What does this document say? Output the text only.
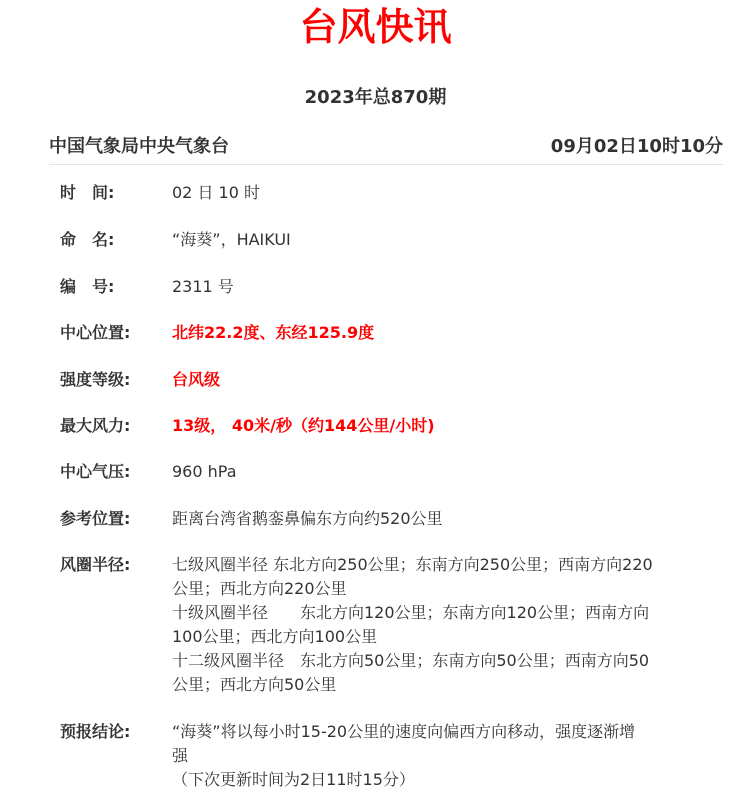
台风快讯
2023年总870期
中国气象局中央气象台	09月02日10时10分
时　间:	02 日 10 时
命　名:	“海葵”，HAIKUI
编　号:	2311 号
中心位置:	北纬22.2度、东经125.9度
强度等级:	台风级
最大风力:	13级， 40米/秒（约144公里/小时)
中心气压:	960 hPa
参考位置:	距离台湾省鹅銮鼻偏东方向约520公里
风圈半径:	七级风圈半径 东北方向250公里；东南方向250公里；西南方向220

公里；西北方向220公里

十级风圈半径　　东北方向120公里；东南方向120公里；西南方向

100公里；西北方向100公里

十二级风圈半径　东北方向50公里；东南方向50公里；西南方向50

公里；西北方向50公里

预报结论:	“海葵”将以每小时15-20公里的速度向偏西方向移动，强度逐渐增

强

（下次更新时间为2日11时15分）
